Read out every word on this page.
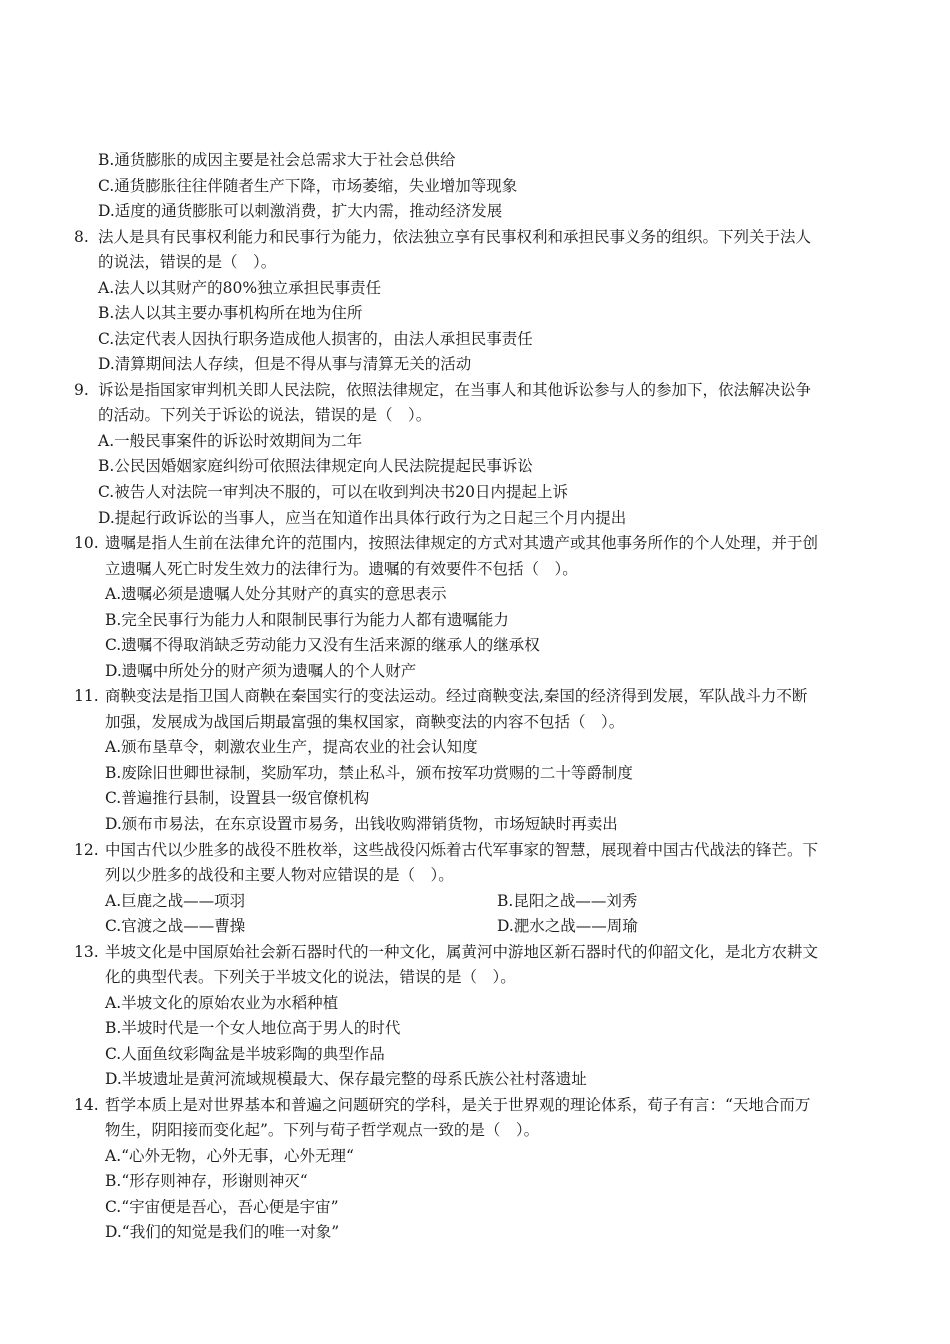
B.通货膨胀的成因主要是社会总需求大于社会总供给
C.通货膨胀往往伴随者生产下降，市场萎缩，失业增加等现象
D.适度的通货膨胀可以刺激消费，扩大内需，推动经济发展
8. 法人是具有民事权利能力和民事行为能力，依法独立享有民事权利和承担民事义务的组织。下列关于法人
的说法，错误的是（　）。
A.法人以其财产的80%独立承担民事责任
B.法人以其主要办事机构所在地为住所
C.法定代表人因执行职务造成他人损害的，由法人承担民事责任
D.清算期间法人存续，但是不得从事与清算无关的活动
9. 诉讼是指国家审判机关即人民法院，依照法律规定，在当事人和其他诉讼参与人的参加下，依法解决讼争
的活动。下列关于诉讼的说法，错误的是（　）。
A.一般民事案件的诉讼时效期间为二年
B.公民因婚姻家庭纠纷可依照法律规定向人民法院提起民事诉讼
C.被告人对法院一审判决不服的，可以在收到判决书20日内提起上诉
D.提起行政诉讼的当事人，应当在知道作出具体行政行为之日起三个月内提出
10. 遗嘱是指人生前在法律允许的范围内，按照法律规定的方式对其遗产或其他事务所作的个人处理，并于创
立遗嘱人死亡时发生效力的法律行为。遗嘱的有效要件不包括（　）。
A.遗嘱必须是遗嘱人处分其财产的真实的意思表示
B.完全民事行为能力人和限制民事行为能力人都有遗嘱能力
C.遗嘱不得取消缺乏劳动能力又没有生活来源的继承人的继承权
D.遗嘱中所处分的财产须为遗嘱人的个人财产
11. 商鞅变法是指卫国人商鞅在秦国实行的变法运动。经过商鞅变法,秦国的经济得到发展，军队战斗力不断
加强，发展成为战国后期最富强的集权国家，商鞅变法的内容不包括（　）。
A.颁布垦草令，刺激农业生产，提高农业的社会认知度
B.废除旧世卿世禄制，奖励军功，禁止私斗，颁布按军功赏赐的二十等爵制度
C.普遍推行县制，设置县一级官僚机构
D.颁布市易法，在东京设置市易务，出钱收购滞销货物，市场短缺时再卖出
12. 中国古代以少胜多的战役不胜枚举，这些战役闪烁着古代军事家的智慧，展现着中国古代战法的锋芒。下
列以少胜多的战役和主要人物对应错误的是（　）。
A.巨鹿之战——项羽	B.昆阳之战——刘秀
C.官渡之战——曹操	D.淝水之战——周瑜
13. 半坡文化是中国原始社会新石器时代的一种文化，属黄河中游地区新石器时代的仰韶文化，是北方农耕文
化的典型代表。下列关于半坡文化的说法，错误的是（　）。
A.半坡文化的原始农业为水稻种植
B.半坡时代是一个女人地位高于男人的时代
C.人面鱼纹彩陶盆是半坡彩陶的典型作品
D.半坡遗址是黄河流域规模最大、保存最完整的母系氏族公社村落遗址
14. 哲学本质上是对世界基本和普遍之问题研究的学科，是关于世界观的理论体系，荀子有言：“天地合而万
物生，阴阳接而变化起”。下列与荀子哲学观点一致的是（　）。
A.“心外无物，心外无事，心外无理“
B.“形存则神存，形谢则神灭“
C.“宇宙便是吾心，吾心便是宇宙”
D.“我们的知觉是我们的唯一对象”
